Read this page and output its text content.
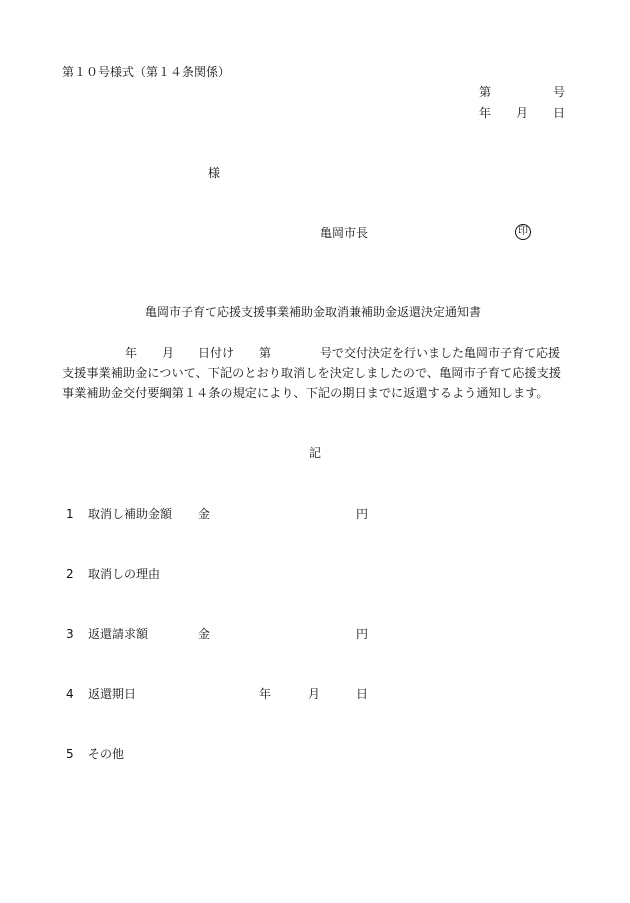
第１０号様式（第１４条関係）
第	号
年 月 日
様
亀岡市長	印
亀岡市子育て応援支援事業補助金取消兼補助金返還決定通知書
年 月 日付け 第	号で交付決定を行いました亀岡市子育て応援
支援事業補助金について、下記のとおり取消しを決定しましたので、亀岡市子育て応援支援
事業補助金交付要綱第１４条の規定により、下記の期日までに返還するよう通知します。
記
1 取消し補助金額 金	円
2 取消しの理由
3 返還請求額	金	円
4 返還期日	年	月	日
5 その他
